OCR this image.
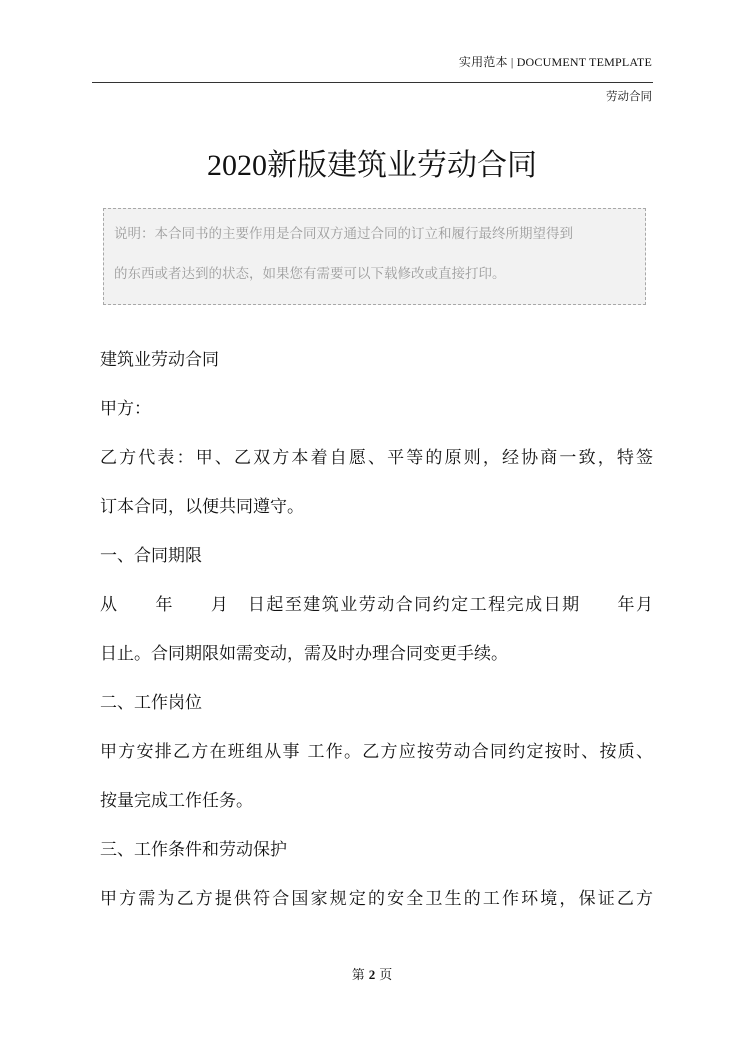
实用范本 | DOCUMENT TEMPLATE
劳动合同
2020新版建筑业劳动合同
说明：本合同书的主要作用是合同双方通过合同的订立和履行最终所期望得到
的东西或者达到的状态，如果您有需要可以下载修改或直接打印。
建筑业劳动合同
甲方：
乙方代表：甲、乙双方本着自愿、平等的原则，经协商一致，特签
订本合同，以便共同遵守。
一、合同期限
从　　年　　月　日起至建筑业劳动合同约定工程完成日期　　年月
日止。合同期限如需变动，需及时办理合同变更手续。
二、工作岗位
甲方安排乙方在班组从事 工作。乙方应按劳动合同约定按时、按质、
按量完成工作任务。
三、工作条件和劳动保护
甲方需为乙方提供符合国家规定的安全卫生的工作环境，保证乙方
第 2 页
